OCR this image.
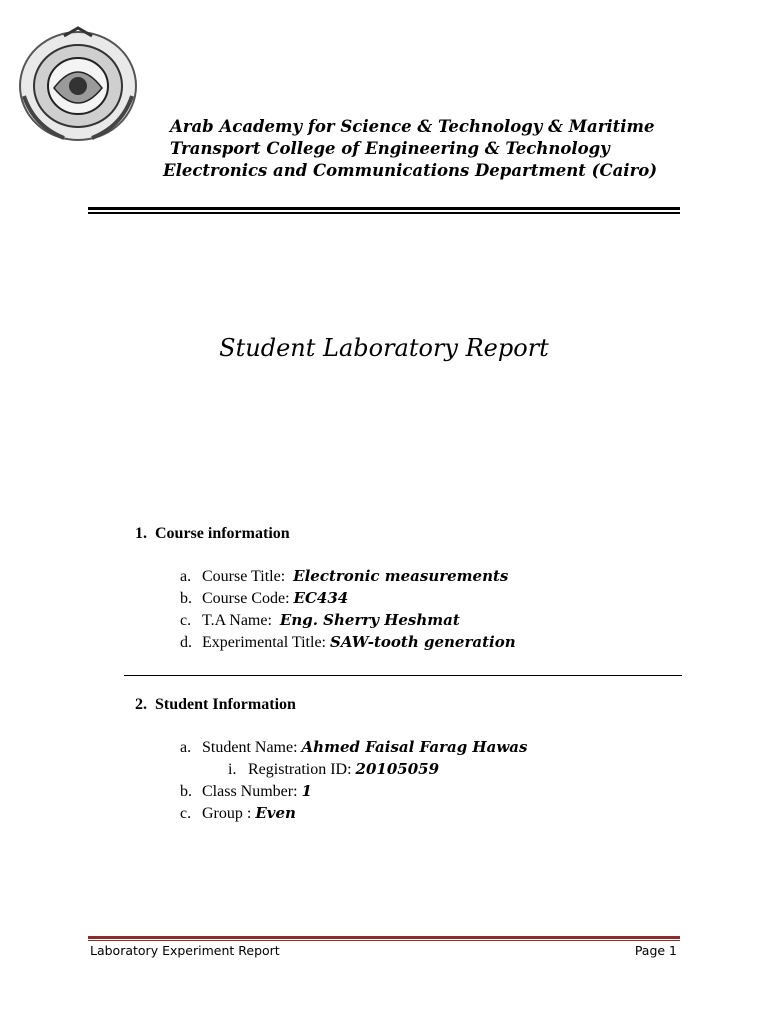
Arab Academy for Science & Technology & Maritime
Transport College of Engineering & Technology
Electronics and Communications Department (Cairo)
Student Laboratory Report
1. Course information
a. Course Title: Electronic measurements
b. Course Code: EC434
c. T.A Name: Eng. Sherry Heshmat
d. Experimental Title: SAW-tooth generation
2. Student Information
a. Student Name: Ahmed Faisal Farag Hawas
i. Registration ID: 20105059
b. Class Number: 1
c. Group : Even
Laboratory Experiment Report	Page 1
